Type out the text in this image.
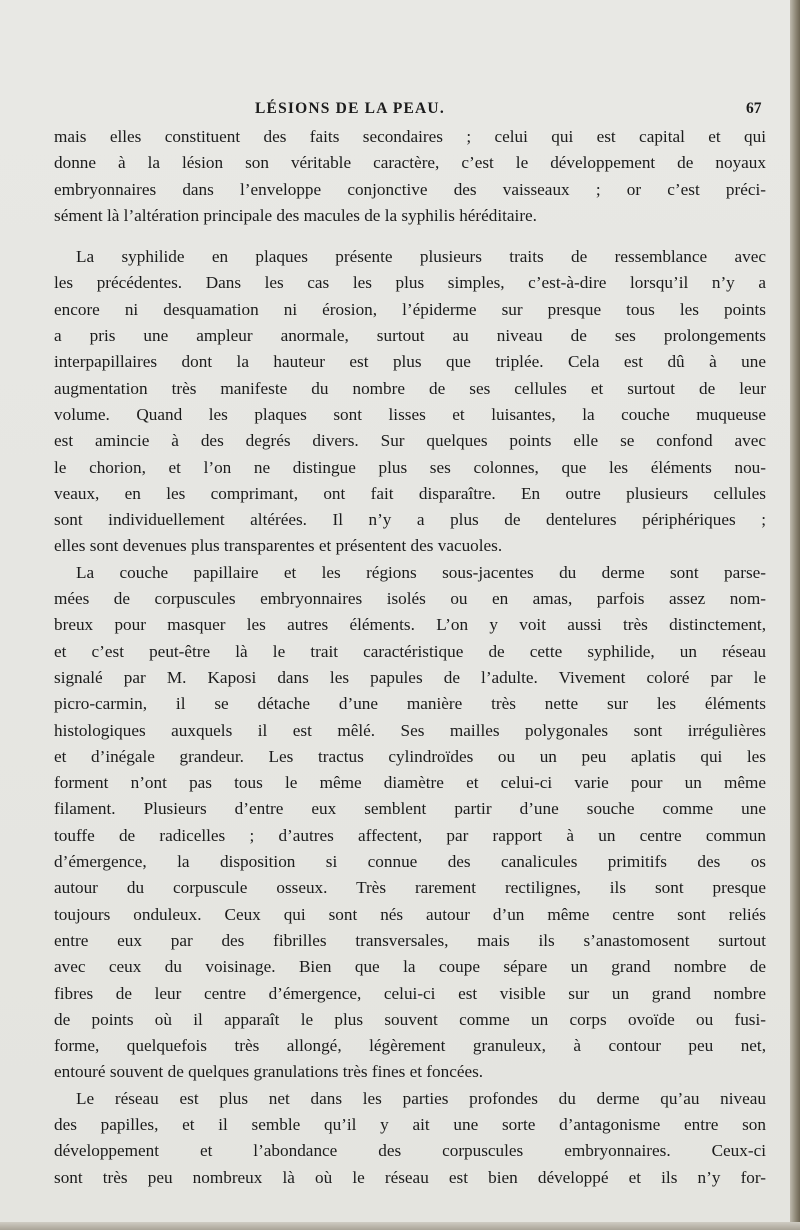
LÉSIONS DE LA PEAU.	67
mais elles constituent des faits secondaires ; celui qui est capital et qui
donne à la lésion son véritable caractère, c’est le développement de noyaux
embryonnaires dans l’enveloppe conjonctive des vaisseaux ; or c’est préci-
sément là l’altération principale des macules de la syphilis héréditaire.
La syphilide en plaques présente plusieurs traits de ressemblance avec
les précédentes. Dans les cas les plus simples, c’est-à-dire lorsqu’il n’y a
encore ni desquamation ni érosion, l’épiderme sur presque tous les points
a pris une ampleur anormale, surtout au niveau de ses prolongements
interpapillaires dont la hauteur est plus que triplée. Cela est dû à une
augmentation très manifeste du nombre de ses cellules et surtout de leur
volume. Quand les plaques sont lisses et luisantes, la couche muqueuse
est amincie à des degrés divers. Sur quelques points elle se confond avec
le chorion, et l’on ne distingue plus ses colonnes, que les éléments nou-
veaux, en les comprimant, ont fait disparaître. En outre plusieurs cellules
sont individuellement altérées. Il n’y a plus de dentelures périphériques ;
elles sont devenues plus transparentes et présentent des vacuoles.
La couche papillaire et les régions sous-jacentes du derme sont parse-
mées de corpuscules embryonnaires isolés ou en amas, parfois assez nom-
breux pour masquer les autres éléments. L’on y voit aussi très distinctement,
et c’est peut-être là le trait caractéristique de cette syphilide, un réseau
signalé par M. Kaposi dans les papules de l’adulte. Vivement coloré par le
picro-carmin, il se détache d’une manière très nette sur les éléments
histologiques auxquels il est mêlé. Ses mailles polygonales sont irrégulières
et d’inégale grandeur. Les tractus cylindroïdes ou un peu aplatis qui les
forment n’ont pas tous le même diamètre et celui-ci varie pour un même
filament. Plusieurs d’entre eux semblent partir d’une souche comme une
touffe de radicelles ; d’autres affectent, par rapport à un centre commun
d’émergence, la disposition si connue des canalicules primitifs des os
autour du corpuscule osseux. Très rarement rectilignes, ils sont presque
toujours onduleux. Ceux qui sont nés autour d’un même centre sont reliés
entre eux par des fibrilles transversales, mais ils s’anastomosent surtout
avec ceux du voisinage. Bien que la coupe sépare un grand nombre de
fibres de leur centre d’émergence, celui-ci est visible sur un grand nombre
de points où il apparaît le plus souvent comme un corps ovoïde ou fusi-
forme, quelquefois très allongé, légèrement granuleux, à contour peu net,
entouré souvent de quelques granulations très fines et foncées.
Le réseau est plus net dans les parties profondes du derme qu’au niveau
des papilles, et il semble qu’il y ait une sorte d’antagonisme entre son
développement et l’abondance des corpuscules embryonnaires. Ceux-ci
sont très peu nombreux là où le réseau est bien développé et ils n’y for-
